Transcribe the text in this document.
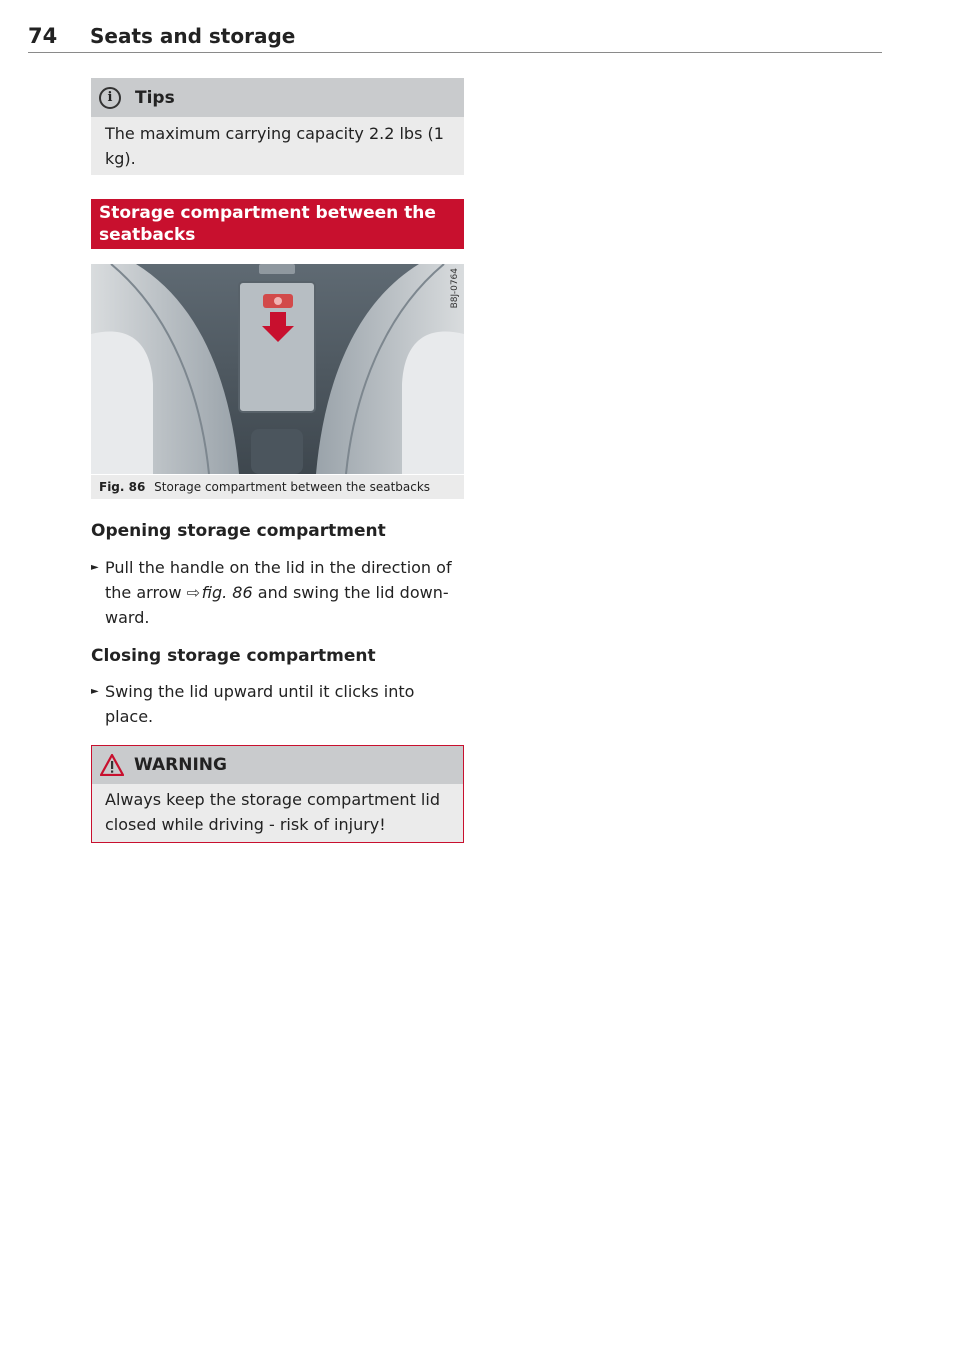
74 Seats and storage
i	Tips
The maximum carrying capacity 2.2 lbs (1 kg).
Storage compartment between the seatbacks
B8J-0764
Fig. 86 Storage compartment between the seatbacks
Opening storage compartment
► Pull the handle on the lid in the direction of the arrow ⇨ fig. 86 and swing the lid down-ward.
Closing storage compartment
► Swing the lid upward until it clicks into place.
WARNING
Always keep the storage compartment lid closed while driving - risk of injury!
